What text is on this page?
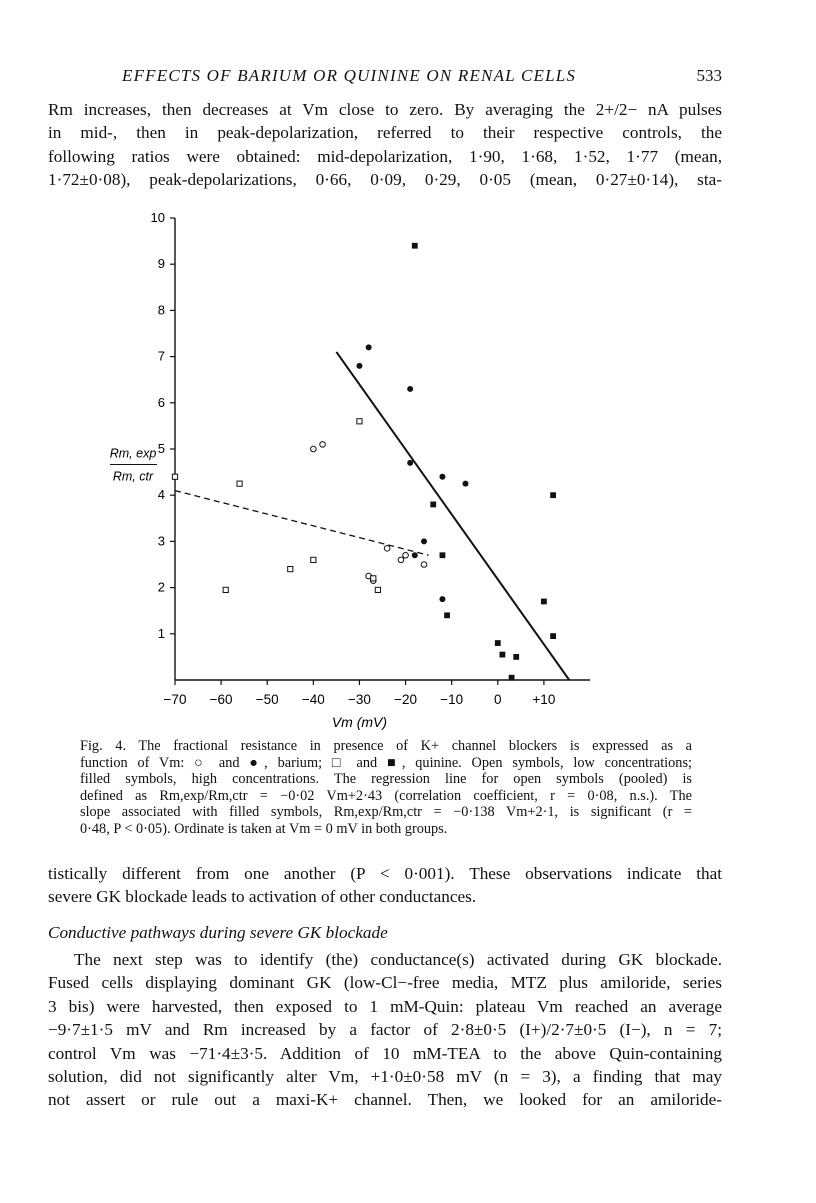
EFFECTS OF BARIUM OR QUININE ON RENAL CELLS	533
Rm increases, then decreases at Vm close to zero. By averaging the 2+/2− nA pulses
in mid-, then in peak-depolarization, referred to their respective controls, the
following ratios were obtained: mid-depolarization, 1·90, 1·68, 1·52, 1·77 (mean,
1·72±0·08), peak-depolarizations, 0·66, 0·09, 0·29, 0·05 (mean, 0·27±0·14), sta-
1
2
3
4
5
6
7
8
9
10
−70 −60 −50 −40 −30 −20 −10 0 +10
Vm (mV)
Rm, exp
Rm, ctr
Fig. 4. The fractional resistance in presence of K+ channel blockers is expressed as a
function of Vm: ○ and ●, barium; □ and ■, quinine. Open symbols, low concentrations;
filled symbols, high concentrations. The regression line for open symbols (pooled) is
defined as Rm,exp/Rm,ctr = −0·02 Vm+2·43 (correlation coefficient, r = 0·08, n.s.). The
slope associated with filled symbols, Rm,exp/Rm,ctr = −0·138 Vm+2·1, is significant (r =
0·48, P < 0·05). Ordinate is taken at Vm = 0 mV in both groups.
tistically different from one another (P < 0·001). These observations indicate that
severe GK blockade leads to activation of other conductances.
Conductive pathways during severe GK blockade
The next step was to identify (the) conductance(s) activated during GK blockade.
Fused cells displaying dominant GK (low-Cl−-free media, MTZ plus amiloride, series
3 bis) were harvested, then exposed to 1 mM-Quin: plateau Vm reached an average
−9·7±1·5 mV and Rm increased by a factor of 2·8±0·5 (I+)/2·7±0·5 (I−), n = 7;
control Vm was −71·4±3·5. Addition of 10 mM-TEA to the above Quin-containing
solution, did not significantly alter Vm, +1·0±0·58 mV (n = 3), a finding that may
not assert or rule out a maxi-K+ channel. Then, we looked for an amiloride-
